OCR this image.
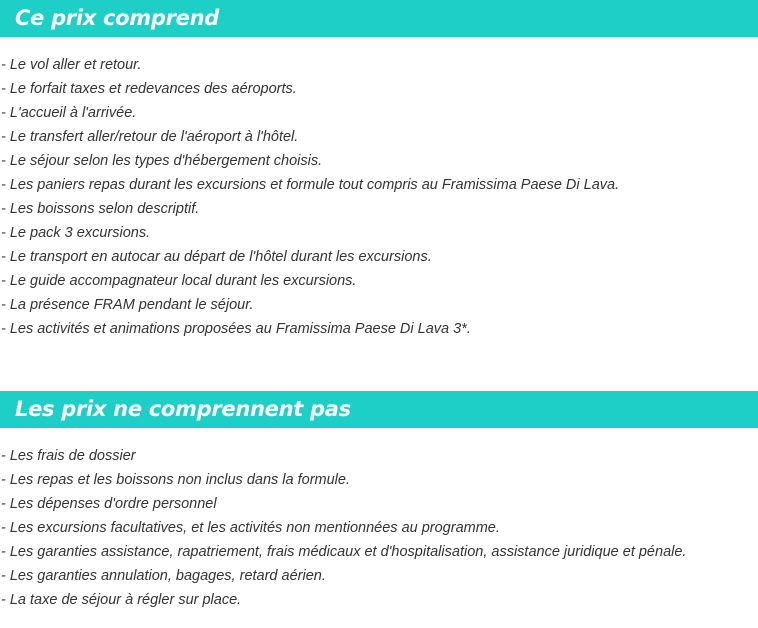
Ce prix comprend
- Le vol aller et retour.
- Le forfait taxes et redevances des aéroports.
- L'accueil à l'arrivée.
- Le transfert aller/retour de l'aéroport à l'hôtel.
- Le séjour selon les types d'hébergement choisis.
- Les paniers repas durant les excursions et formule tout compris au Framissima Paese Di Lava.
- Les boissons selon descriptif.
- Le pack 3 excursions.
- Le transport en autocar au départ de l'hôtel durant les excursions.
- Le guide accompagnateur local durant les excursions.
- La présence FRAM pendant le séjour.
- Les activités et animations proposées au Framissima Paese Di Lava 3*.
Les prix ne comprennent pas
- Les frais de dossier
- Les repas et les boissons non inclus dans la formule.
- Les dépenses d'ordre personnel
- Les excursions facultatives, et les activités non mentionnées au programme.
- Les garanties assistance, rapatriement, frais médicaux et d'hospitalisation, assistance juridique et pénale.
- Les garanties annulation, bagages, retard aérien.
- La taxe de séjour à régler sur place.
